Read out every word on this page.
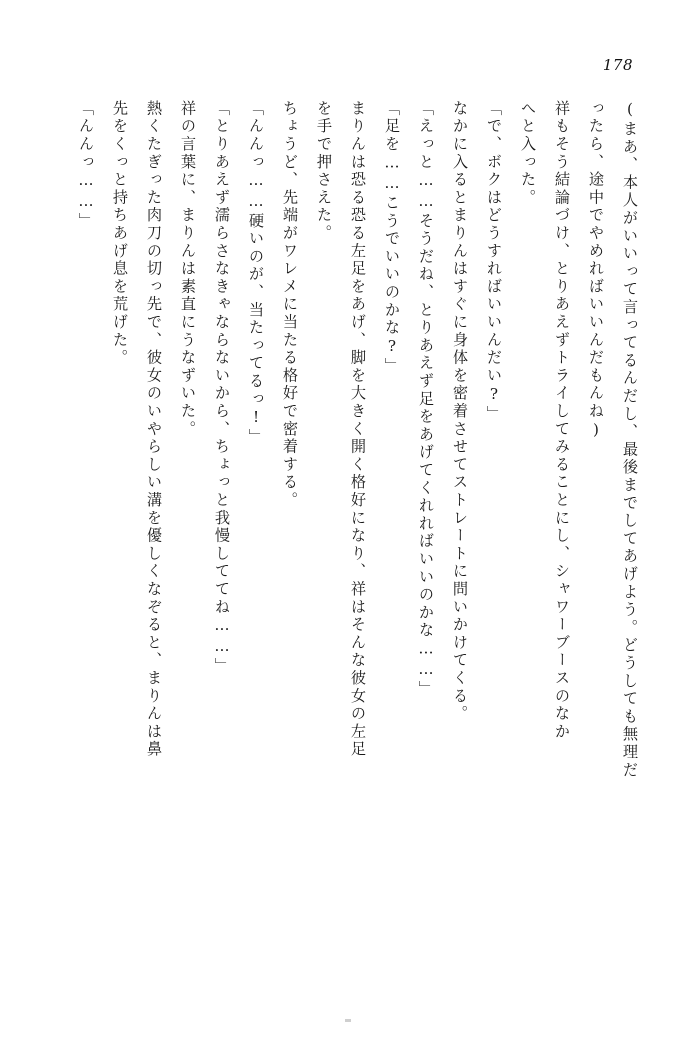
178
(まあ、本人がいいって言ってるんだし、最後までしてあげよう。どうしても無理だ
ったら、途中でやめればいいんだもんね)
祥もそう結論づけ、とりあえずトライしてみることにし、シャワーブースのなか
へと入った。
「で、ボクはどうすればいいんだい?」
なかに入るとまりんはすぐに身体を密着させてストレートに問いかけてくる。
「えっと……そうだね、とりあえず足をあげてくれればいいのかな……」
「足を……こうでいいのかな?」
まりんは恐る恐る左足をあげ、脚を大きく開く格好になり、祥はそんな彼女の左足
を手で押さえた。
ちょうど、先端がワレメに当たる格好で密着する。
「んんっ……硬いのが、当たってるっ!」
「とりあえず濡らさなきゃならないから、ちょっと我慢しててね……」
祥の言葉に、まりんは素直にうなずいた。
熱くたぎった肉刀の切っ先で、彼女のいやらしい溝を優しくなぞると、まりんは鼻
先をくっと持ちあげ息を荒げた。
「んんっ……」
